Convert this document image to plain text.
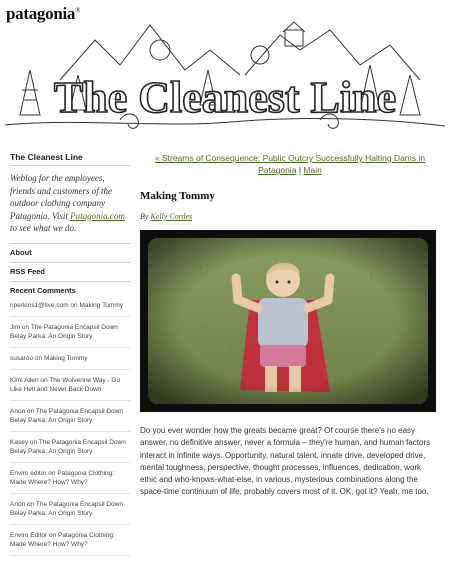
patagonia®
The Cleanest Line
The Cleanest Line
Weblog for the employees, friends and customers of the outdoor clothing company Patagonia. Visit Patagonia.com to see what we do.
About
RSS Feed
Recent Comments
nperkins1@live.com on Making Tommy
Jim on The Patagonia Encapsil Down Belay Parka: An Origin Story
susaroo on Making Tommy
Kimi Allen on The Wolverine Way - Go Like Hell and Never Back Down
Anon on The Patagonia Encapsil Down Belay Parka: An Origin Story
Kasey on The Patagonia Encapsil Down Belay Parka: An Origin Story
Enviro editor on Patagonia Clothing: Made Where? How? Why?
Anon on The Patagonia Encapsil Down Belay Parka: An Origin Story
Enviro Editor on Patagonia Clothing: Made Where? How? Why?
« Streams of Consequence: Public Outcry Successfully Halting Dams in Patagonia | Main
Making Tommy
By Kelly Cordes
Do you ever wonder how the greats became great? Of course there's no easy answer, no definitive answer, never a formula – they're human, and human factors interact in infinite ways. Opportunity, natural talent, innate drive, developed drive, mental toughness, perspective, thought processes, influences, dedication, work ethic and who-knows-what-else, in various, mysterious combinations along the space-time continuum of life, probably covers most of it. OK, got it? Yeah, me too.
